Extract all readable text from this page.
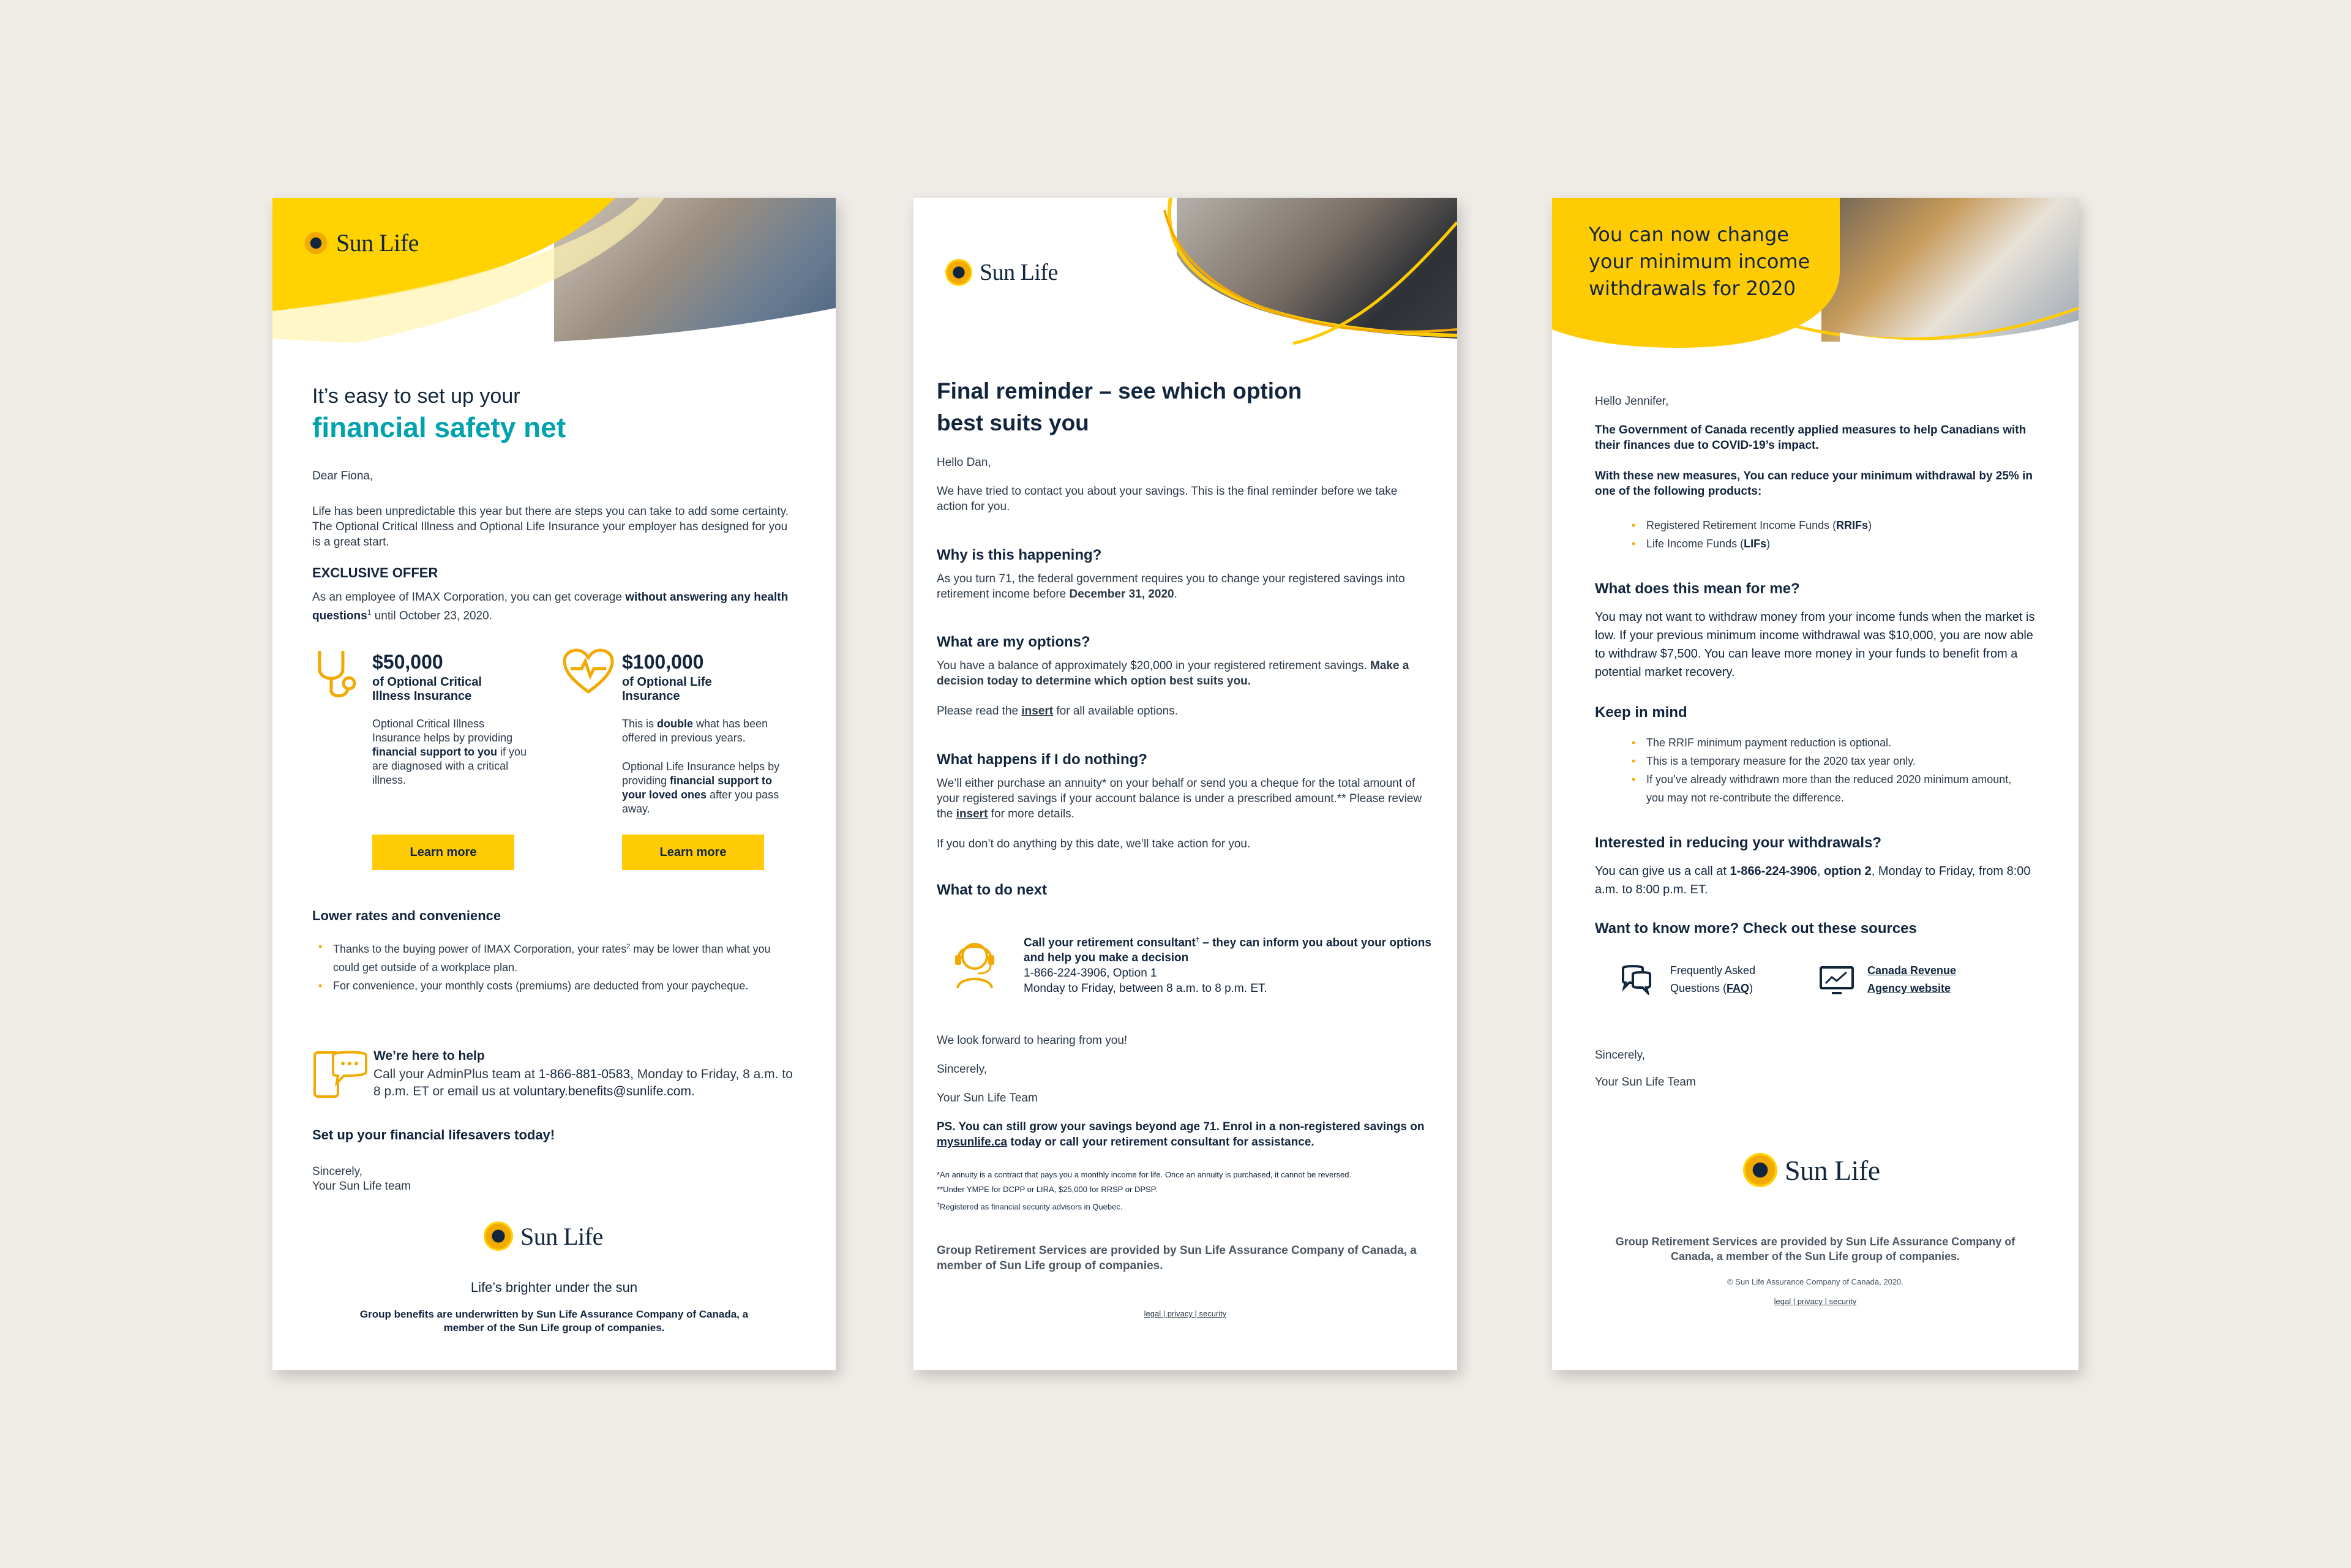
Sun Life
It’s easy to set up your
financial safety net
Dear Fiona,
Life has been unpredictable this year but there are steps you can take to add some certainty. The Optional Critical Illness and Optional Life Insurance your employer has designed for you is a great start.
EXCLUSIVE OFFER
As an employee of IMAX Corporation, you can get coverage without answering any health questions$^1$ until October 23, 2020.
$50,000
of Optional Critical Illness Insurance
Optional Critical Illness Insurance helps by providing financial support to you if you are diagnosed with a critical illness.
Learn more
$100,000
of Optional Life Insurance
This is double what has been offered in previous years.
Optional Life Insurance helps by providing financial support to your loved ones after you pass away.
Learn more
Lower rates and convenience
• Thanks to the buying power of IMAX Corporation, your rates$^2$ may be lower than what you could get outside of a workplace plan.
• For convenience, your monthly costs (premiums) are deducted from your paycheque.
We’re here to help
Call your AdminPlus team at 1-866-881-0583, Monday to Friday, 8 a.m. to 8 p.m. ET or email us at voluntary.benefits@sunlife.com.
Set up your financial lifesavers today!
Sincerely,
Your Sun Life team
Sun Life
Life’s brighter under the sun
Group benefits are underwritten by Sun Life Assurance Company of Canada, a member of the Sun Life group of companies.
Sun Life
Final reminder – see which option
best suits you
Hello Dan,
We have tried to contact you about your savings. This is the final reminder before we take action for you.
Why is this happening?
As you turn 71, the federal government requires you to change your registered savings into retirement income before December 31, 2020.
What are my options?
You have a balance of approximately $20,000 in your registered retirement savings. Make a decision today to determine which option best suits you.
Please read the insert for all available options.
What happens if I do nothing?
We’ll either purchase an annuity* on your behalf or send you a cheque for the total amount of your registered savings if your account balance is under a prescribed amount.** Please review the insert for more details.
If you don’t do anything by this date, we’ll take action for you.
What to do next
Call your retirement consultant† – they can inform you about your options and help you make a decision
1-866-224-3906, Option 1
Monday to Friday, between 8 a.m. to 8 p.m. ET.
We look forward to hearing from you!
Sincerely,
Your Sun Life Team
PS. You can still grow your savings beyond age 71. Enrol in a non-registered savings on mysunlife.ca today or call your retirement consultant for assistance.
*An annuity is a contract that pays you a monthly income for life. Once an annuity is purchased, it cannot be reversed.
**Under YMPE for DCPP or LIRA, $25,000 for RRSP or DPSP.
†Registered as financial security advisors in Quebec.
Group Retirement Services are provided by Sun Life Assurance Company of Canada, a member of Sun Life group of companies.
legal | privacy | security
You can now change your minimum income withdrawals for 2020
Hello Jennifer,
The Government of Canada recently applied measures to help Canadians with their finances due to COVID-19’s impact.
With these new measures, You can reduce your minimum withdrawal by 25% in one of the following products:
• Registered Retirement Income Funds (RRIFs)
• Life Income Funds (LIFs)
What does this mean for me?
You may not want to withdraw money from your income funds when the market is low. If your previous minimum income withdrawal was $10,000, you are now able to withdraw $7,500. You can leave more money in your funds to benefit from a potential market recovery.
Keep in mind
• The RRIF minimum payment reduction is optional.
• This is a temporary measure for the 2020 tax year only.
• If you’ve already withdrawn more than the reduced 2020 minimum amount, you may not re-contribute the difference.
Interested in reducing your withdrawals?
You can give us a call at 1-866-224-3906, option 2, Monday to Friday, from 8:00 a.m. to 8:00 p.m. ET.
Want to know more? Check out these sources
Frequently Asked Questions (FAQ)
Canada Revenue Agency website
Sincerely,
Your Sun Life Team
Sun Life
Group Retirement Services are provided by Sun Life Assurance Company of Canada, a member of the Sun Life group of companies.
© Sun Life Assurance Company of Canada, 2020.
legal | privacy | security
